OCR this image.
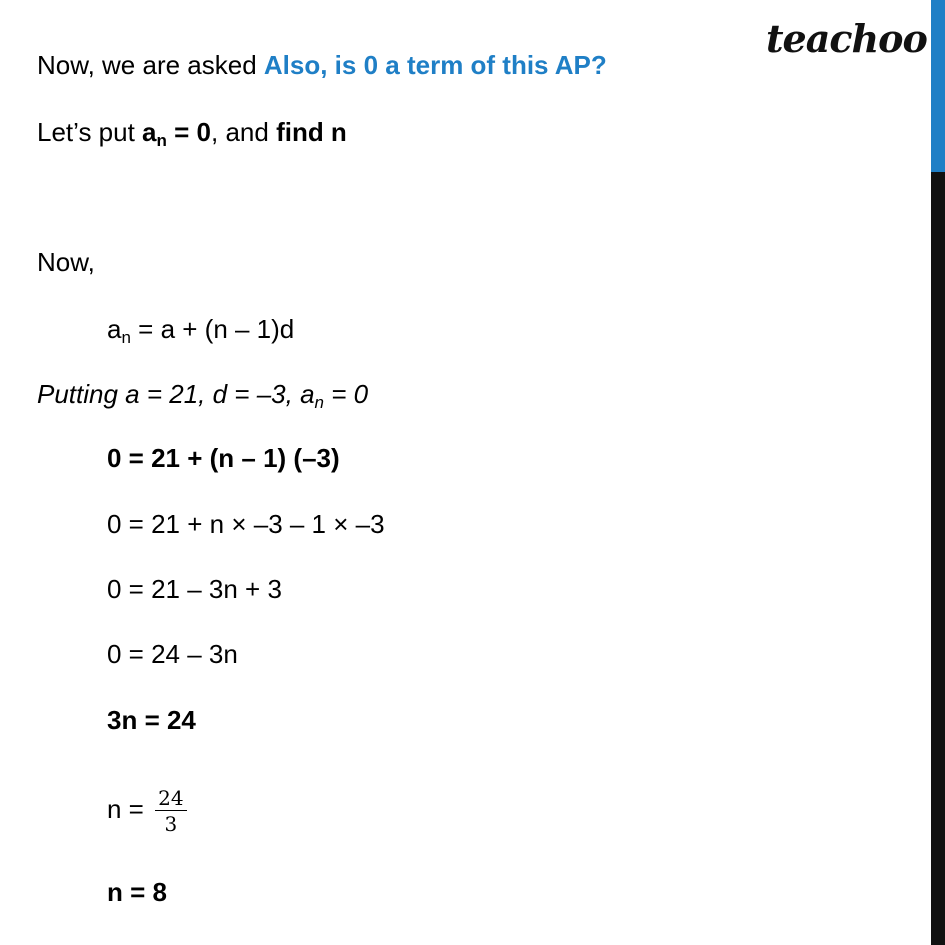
teachoo
Now, we are asked Also, is 0 a term of this AP?
Let’s put $a_n = 0$, and find n
Now,
$a_n = a + (n - 1)d$
Putting a = 21, d = –3, $a_n = 0$
0 = 21 + (n – 1) (–3)
0 = 21 + n × –3 – 1 × –3
0 = 21 – 3n + 3
0 = 24 – 3n
3n = 24
$n = \frac{24}{3}$
n = 8
